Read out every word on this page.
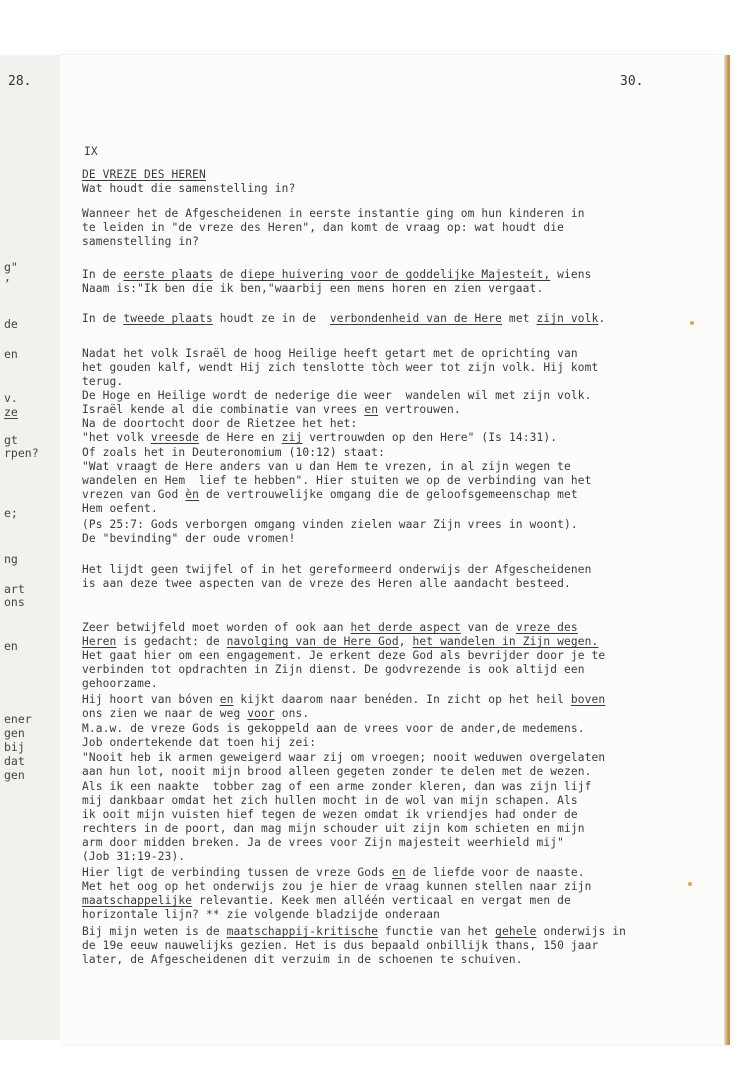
28.	30.
g"
,
de
en
v.
ze
gt
rpen?
e;
ng
art
ons
en
ener
gen
bij
dat
gen
IX
DE VREZE DES HEREN
Wat houdt die samenstelling in?
Wanneer het de Afgescheidenen in eerste instantie ging om hun kinderen in
te leiden in "de vreze des Heren", dan komt de vraag op: wat houdt die
samenstelling in?
In de eerste plaats de diepe huivering voor de goddelijke Majesteit, wiens
Naam is:"Ik ben die ik ben,"waarbij een mens horen en zien vergaat.
In de tweede plaats houdt ze in de  verbondenheid van de Here met zijn volk.
Nadat het volk Israël de hoog Heilige heeft getart met de oprichting van
het gouden kalf, wendt Hij zich tenslotte tòch weer tot zijn volk. Hij komt
terug.
De Hoge en Heilige wordt de nederige die weer  wandelen wil met zijn volk.
Israël kende al die combinatie van vrees en vertrouwen.
Na de doortocht door de Rietzee het het:
"het volk vreesde de Here en zij vertrouwden op den Here" (Is 14:31).
Of zoals het in Deuteronomium (10:12) staat:
"Wat vraagt de Here anders van u dan Hem te vrezen, in al zijn wegen te
wandelen en Hem  lief te hebben". Hier stuiten we op de verbinding van het
vrezen van God èn de vertrouwelijke omgang die de geloofsgemeenschap met
Hem oefent.
(Ps 25:7: Gods verborgen omgang vinden zielen waar Zijn vrees in woont).
De "bevinding" der oude vromen!
Het lijdt geen twijfel of in het gereformeerd onderwijs der Afgescheidenen
is aan deze twee aspecten van de vreze des Heren alle aandacht besteed.
Zeer betwijfeld moet worden of ook aan het derde aspect van de vreze des
Heren is gedacht: de navolging van de Here God, het wandelen in Zijn wegen.
Het gaat hier om een engagement. Je erkent deze God als bevrijder door je te
verbinden tot opdrachten in Zijn dienst. De godvrezende is ook altijd een
gehoorzame.
Hij hoort van bóven en kijkt daarom naar benéden. In zicht op het heil boven
ons zien we naar de weg voor ons.
M.a.w. de vreze Gods is gekoppeld aan de vrees voor de ander,de medemens.
Job ondertekende dat toen hij zei:
"Nooit heb ik armen geweigerd waar zij om vroegen; nooit weduwen overgelaten
aan hun lot, nooit mijn brood alleen gegeten zonder te delen met de wezen.
Als ik een naakte  tobber zag of een arme zonder kleren, dan was zijn lijf
mij dankbaar omdat het zich hullen mocht in de wol van mijn schapen. Als
ik ooit mijn vuisten hief tegen de wezen omdat ik vriendjes had onder de
rechters in de poort, dan mag mijn schouder uit zijn kom schieten en mijn
arm door midden breken. Ja de vrees voor Zijn majesteit weerhield mij"
(Job 31:19-23).
Hier ligt de verbinding tussen de vreze Gods en de liefde voor de naaste.
Met het oog op het onderwijs zou je hier de vraag kunnen stellen naar zijn
maatschappelijke relevantie. Keek men alléén verticaal en vergat men de
horizontale lijn? ** zie volgende bladzijde onderaan
Bij mijn weten is de maatschappij-kritische functie van het gehele onderwijs in
de 19e eeuw nauwelijks gezien. Het is dus bepaald onbillijk thans, 150 jaar
later, de Afgescheidenen dit verzuim in de schoenen te schuiven.
